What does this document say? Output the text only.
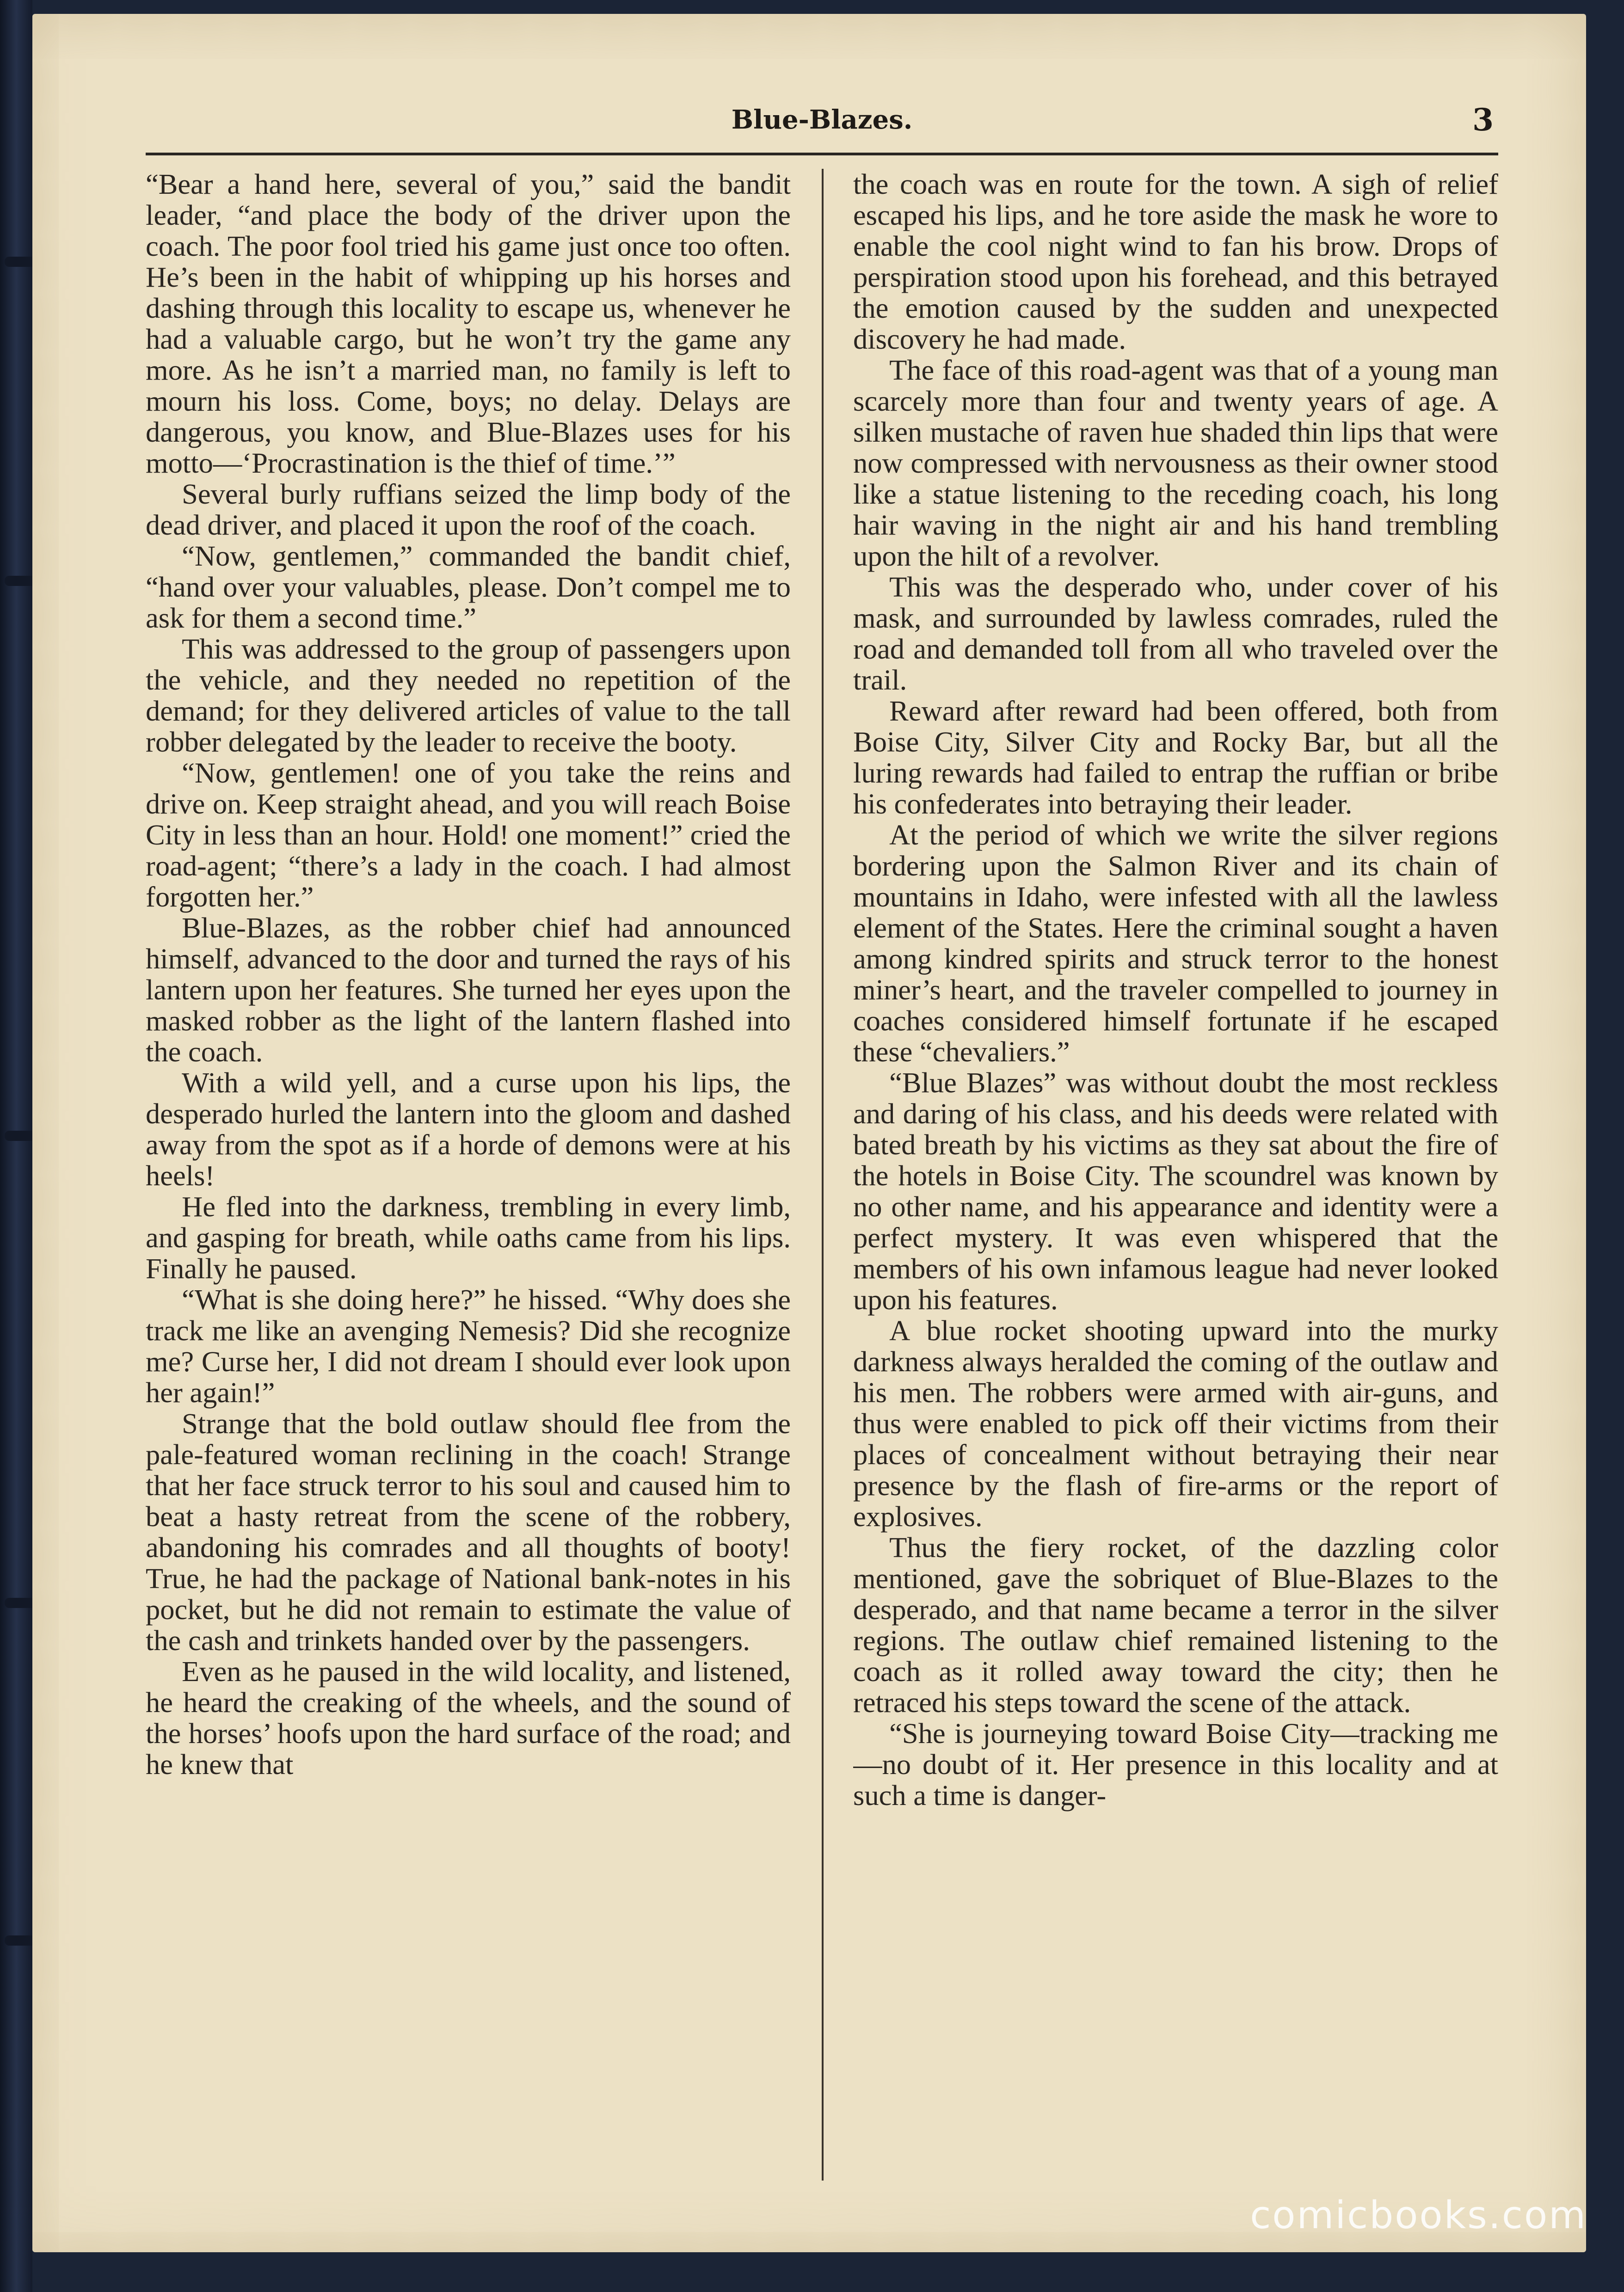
Blue-Blazes.	3

“Bear a hand here, several of you,” said the bandit leader, “and place the body of the driver upon the coach. The poor fool tried his game just once too often. He’s been in the habit of whipping up his horses and dashing through this locality to escape us, whenever he had a valuable cargo, but he won’t try the game any more. As he isn’t a married man, no family is left to mourn his loss. Come, boys; no delay. Delays are dangerous, you know, and Blue-Blazes uses for his motto—‘Procrastination is the thief of time.’”

Several burly ruffians seized the limp body of the dead driver, and placed it upon the roof of the coach.

“Now, gentlemen,” commanded the bandit chief, “hand over your valuables, please. Don’t compel me to ask for them a second time.”

This was addressed to the group of passengers upon the vehicle, and they needed no repetition of the demand; for they delivered articles of value to the tall robber delegated by the leader to receive the booty.

“Now, gentlemen! one of you take the reins and drive on. Keep straight ahead, and you will reach Boise City in less than an hour. Hold! one moment!” cried the road-agent; “there’s a lady in the coach. I had almost forgotten her.”

Blue-Blazes, as the robber chief had announced himself, advanced to the door and turned the rays of his lantern upon her features. She turned her eyes upon the masked robber as the light of the lantern flashed into the coach.

With a wild yell, and a curse upon his lips, the desperado hurled the lantern into the gloom and dashed away from the spot as if a horde of demons were at his heels!

He fled into the darkness, trembling in every limb, and gasping for breath, while oaths came from his lips. Finally he paused.

“What is she doing here?” he hissed. “Why does she track me like an avenging Nemesis? Did she recognize me? Curse her, I did not dream I should ever look upon her again!”

Strange that the bold outlaw should flee from the pale-featured woman reclining in the coach! Strange that her face struck terror to his soul and caused him to beat a hasty retreat from the scene of the robbery, abandoning his comrades and all thoughts of booty! True, he had the package of National bank-notes in his pocket, but he did not remain to estimate the value of the cash and trinkets handed over by the passengers.

Even as he paused in the wild locality, and listened, he heard the creaking of the wheels, and the sound of the horses’ hoofs upon the hard surface of the road; and he knew that

the coach was en route for the town. A sigh of relief escaped his lips, and he tore aside the mask he wore to enable the cool night wind to fan his brow. Drops of perspiration stood upon his forehead, and this betrayed the emotion caused by the sudden and unexpected discovery he had made.

The face of this road-agent was that of a young man scarcely more than four and twenty years of age. A silken mustache of raven hue shaded thin lips that were now compressed with nervousness as their owner stood like a statue listening to the receding coach, his long hair waving in the night air and his hand trembling upon the hilt of a revolver.

This was the desperado who, under cover of his mask, and surrounded by lawless comrades, ruled the road and demanded toll from all who traveled over the trail.

Reward after reward had been offered, both from Boise City, Silver City and Rocky Bar, but all the luring rewards had failed to entrap the ruffian or bribe his confederates into betraying their leader.

At the period of which we write the silver regions bordering upon the Salmon River and its chain of mountains in Idaho, were infested with all the lawless element of the States. Here the criminal sought a haven among kindred spirits and struck terror to the honest miner’s heart, and the traveler compelled to journey in coaches considered himself fortunate if he escaped these “chevaliers.”

“Blue Blazes” was without doubt the most reckless and daring of his class, and his deeds were related with bated breath by his victims as they sat about the fire of the hotels in Boise City. The scoundrel was known by no other name, and his appearance and identity were a perfect mystery. It was even whispered that the members of his own infamous league had never looked upon his features.

A blue rocket shooting upward into the murky darkness always heralded the coming of the outlaw and his men. The robbers were armed with air-guns, and thus were enabled to pick off their victims from their places of concealment without betraying their near presence by the flash of fire-arms or the report of explosives.

Thus the fiery rocket, of the dazzling color mentioned, gave the sobriquet of Blue-Blazes to the desperado, and that name became a terror in the silver regions. The outlaw chief remained listening to the coach as it rolled away toward the city; then he retraced his steps toward the scene of the attack.

“She is journeying toward Boise City—tracking me—no doubt of it. Her presence in this locality and at such a time is danger-

comicbooks.com
